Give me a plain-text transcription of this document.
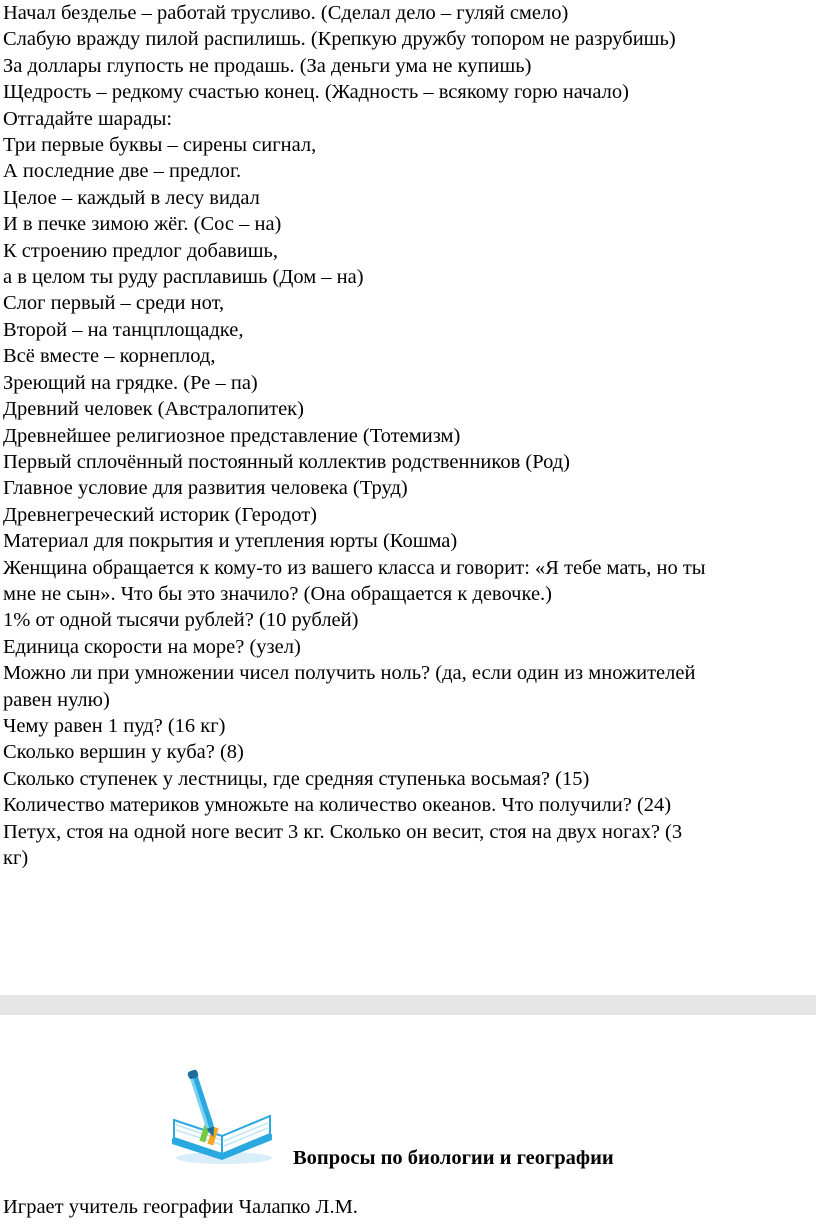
Начал безделье – работай трусливо. (Сделал дело – гуляй смело)
Слабую вражду пилой распилишь. (Крепкую дружбу топором не разрубишь)
За доллары глупость не продашь. (За деньги ума не купишь)
Щедрость – редкому счастью конец. (Жадность – всякому горю начало)
Отгадайте шарады:
Три первые буквы – сирены сигнал,
А последние две – предлог.
Целое – каждый в лесу видал
И в печке зимою жёг. (Сос – на)
К строению предлог добавишь,
а в целом ты руду расплавишь (Дом – на)
Слог первый – среди нот,
Второй – на танцплощадке,
Всё вместе – корнеплод,
Зреющий на грядке. (Ре – па)
Древний человек (Австралопитек)
Древнейшее религиозное представление (Тотемизм)
Первый сплочённый постоянный коллектив родственников (Род)
Главное условие для развития человека (Труд)
Древнегреческий историк (Геродот)
Материал для покрытия и утепления юрты (Кошма)
Женщина обращается к кому-то из вашего класса и говорит: «Я тебе мать, но ты
мне не сын». Что бы это значило? (Она обращается к девочке.)
1% от одной тысячи рублей? (10 рублей)
Единица скорости на море? (узел)
Можно ли при умножении чисел получить ноль? (да, если один из множителей
равен нулю)
Чему равен 1 пуд? (16 кг)
Сколько вершин у куба? (8)
Сколько ступенек у лестницы, где средняя ступенька восьмая? (15)
Количество материков умножьте на количество океанов. Что получили? (24)
Петух, стоя на одной ноге весит 3 кг. Сколько он весит, стоя на двух ногах? (3
кг)
Вопросы по биологии и географии
Играет учитель географии Чалапко Л.М.
